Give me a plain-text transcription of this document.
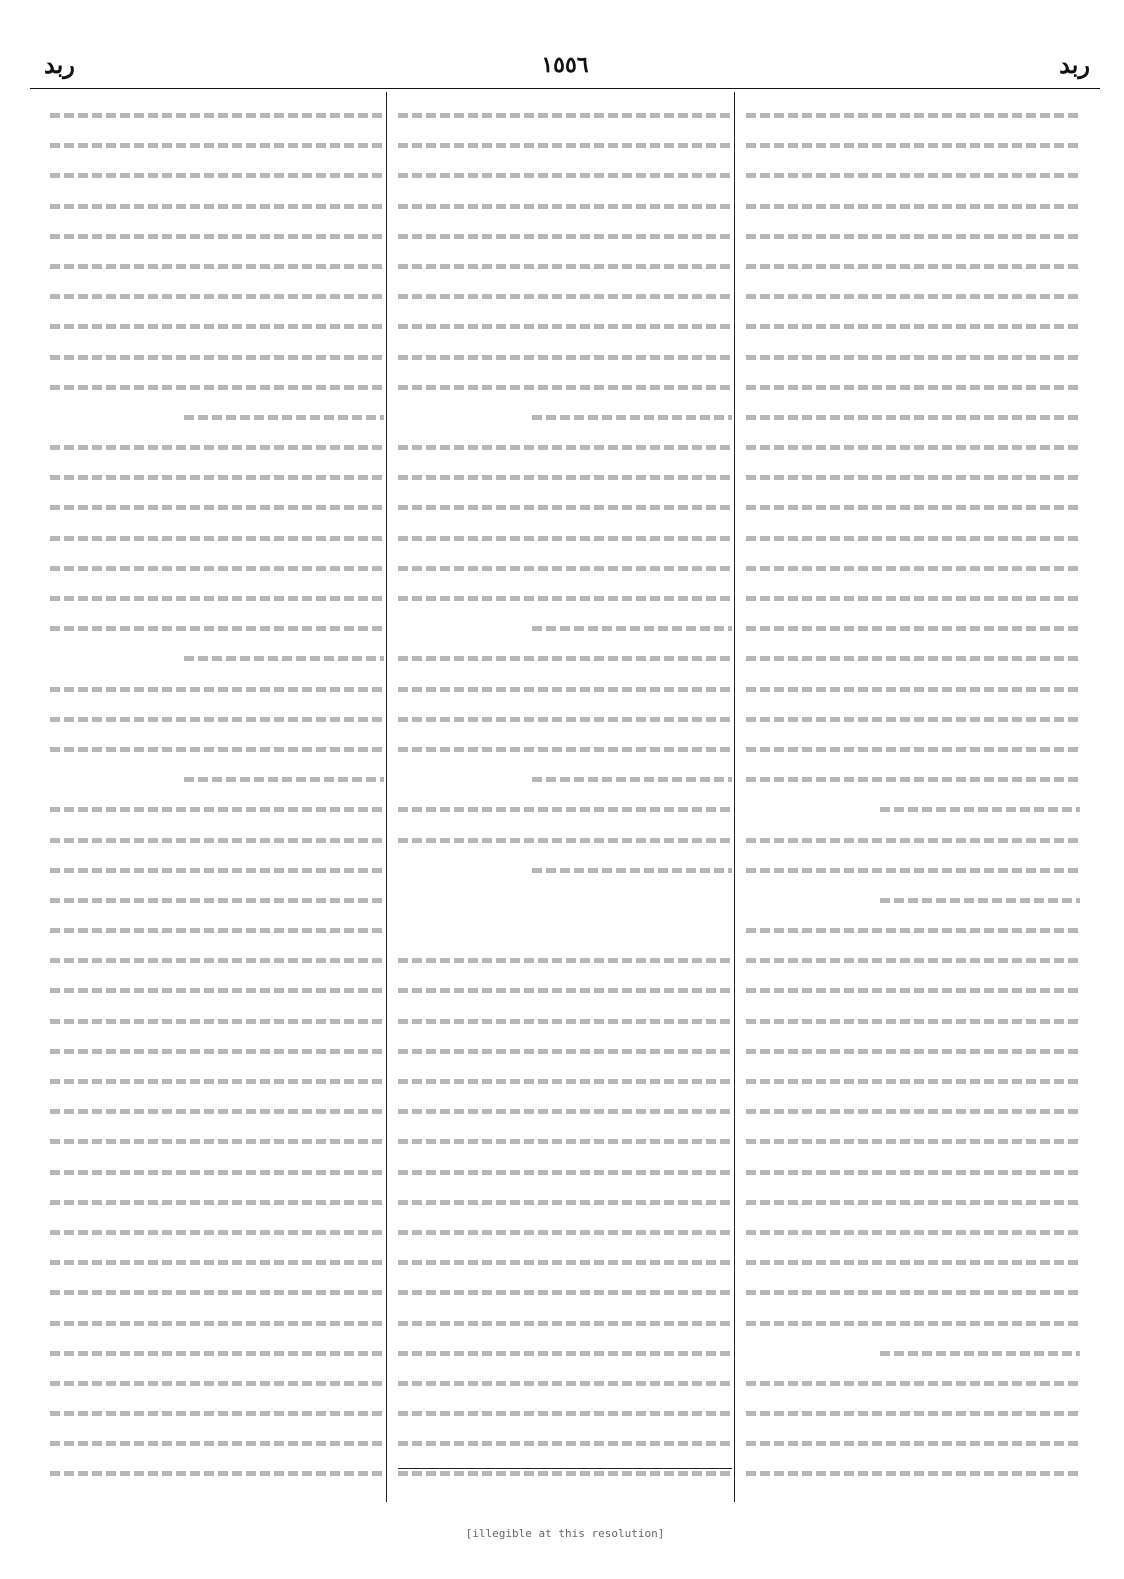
ربد
١٥٥٦
ربد
[illegible at this resolution]
